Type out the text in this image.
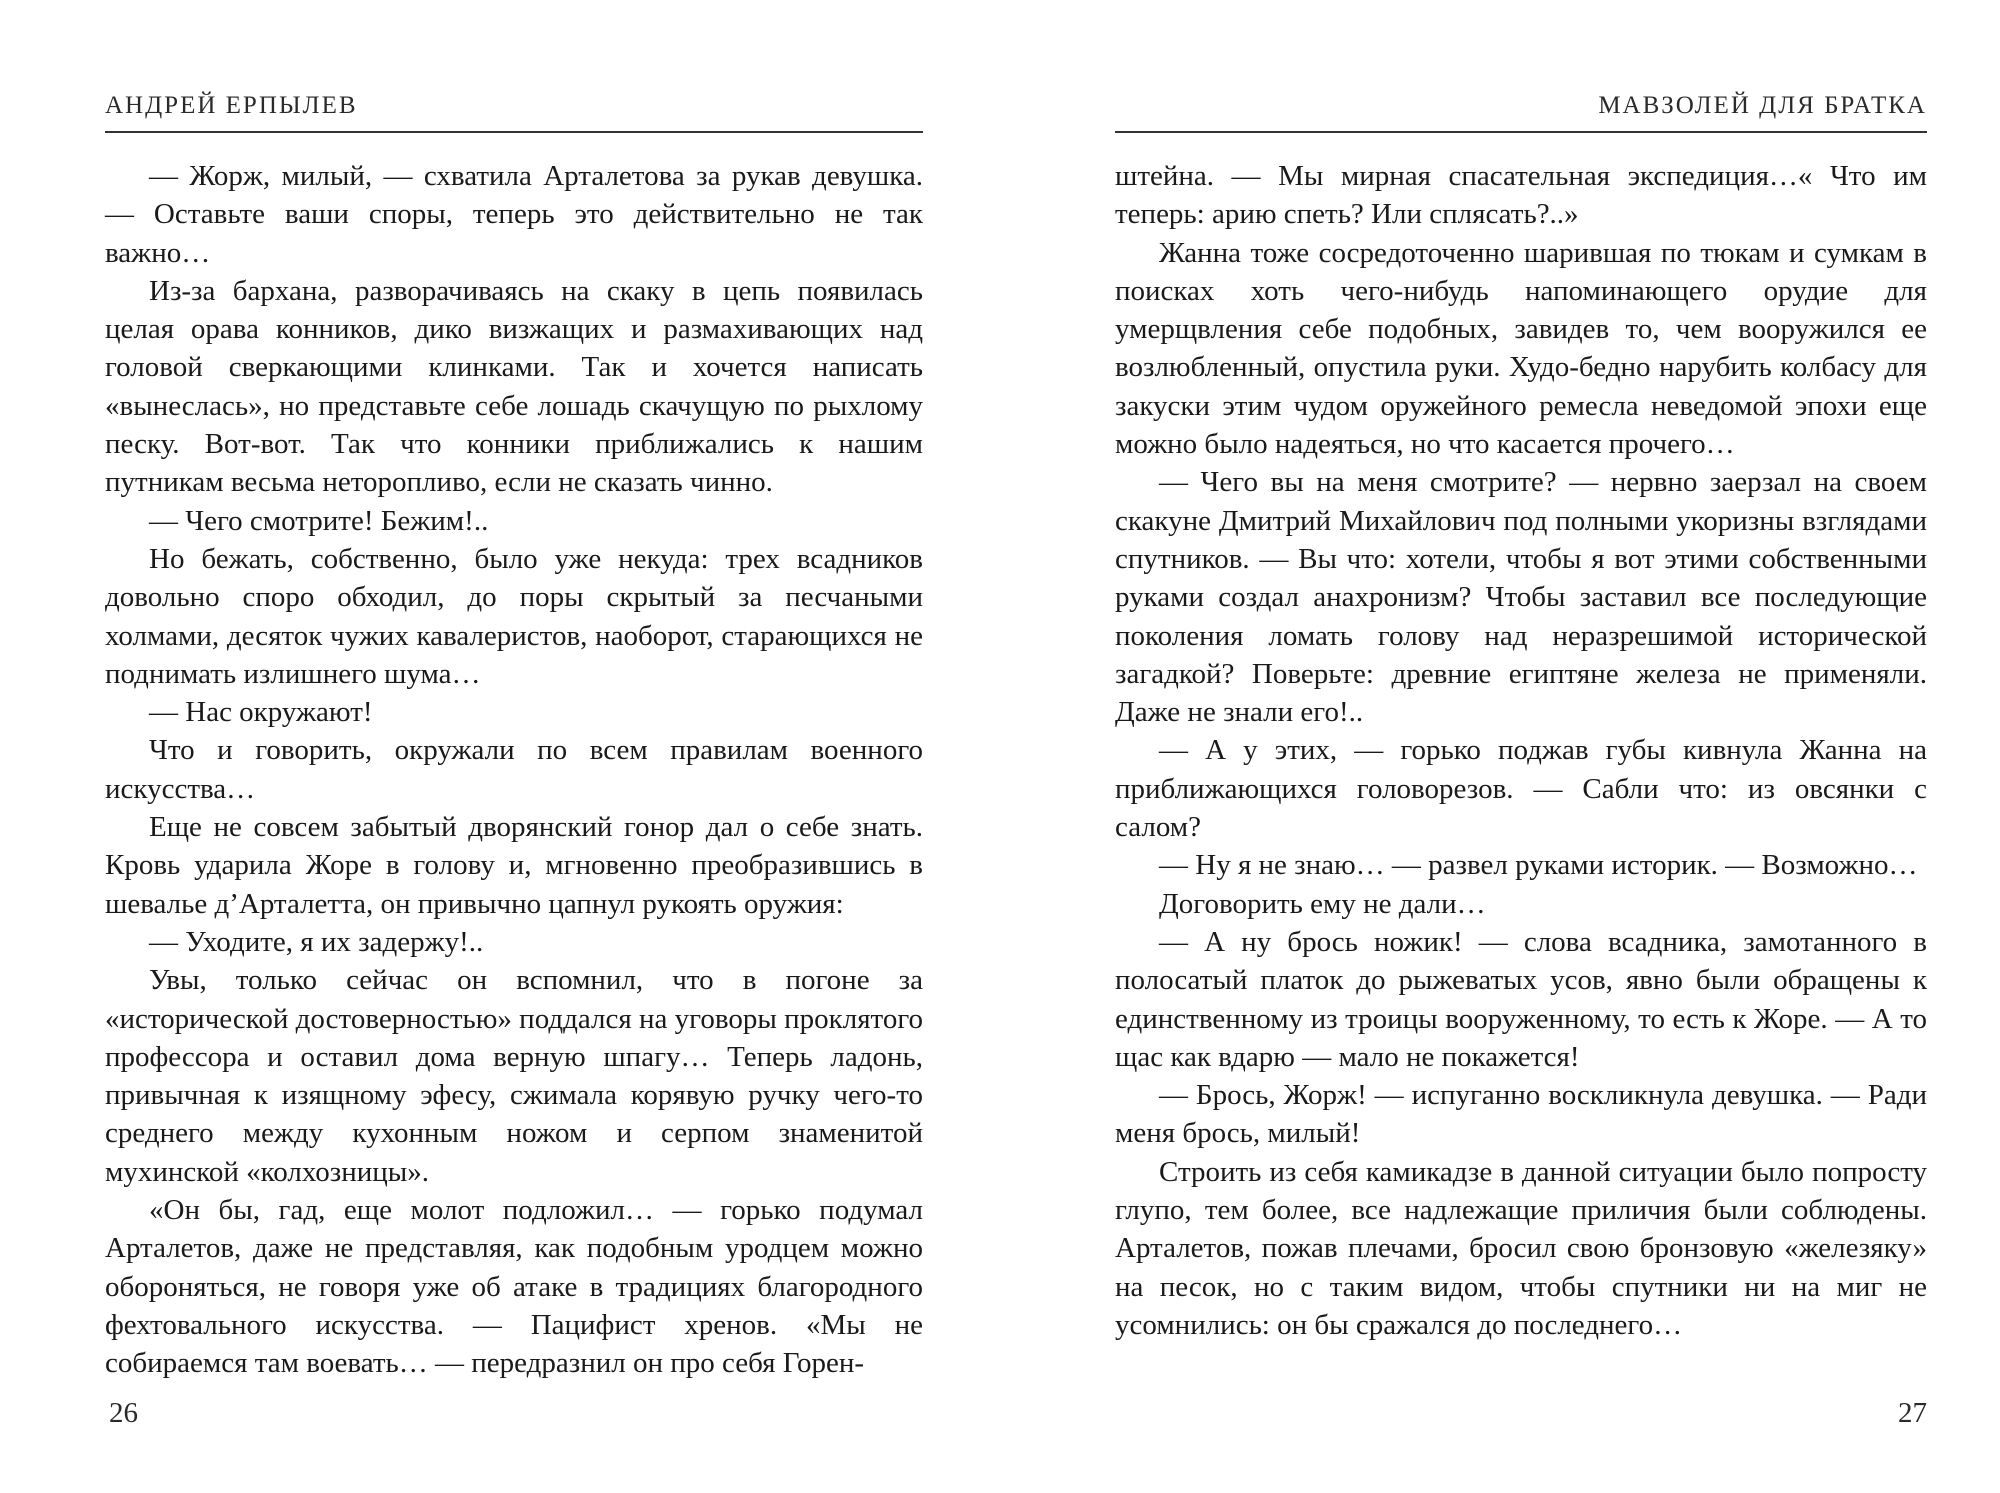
АНДРЕЙ ЕРПЫЛЕВ

— Жорж, милый, — схватила Арталетова за рукав девушка. — Оставьте ваши споры, теперь это действительно не так важно…

Из-за бархана, разворачиваясь на скаку в цепь появилась целая орава конников, дико визжащих и размахивающих над головой сверкающими клинками. Так и хочется написать «вынеслась», но представьте себе лошадь скачущую по рыхлому песку. Вот-вот. Так что конники приближались к нашим путникам весьма неторопливо, если не сказать чинно.

— Чего смотрите! Бежим!..

Но бежать, собственно, было уже некуда: трех всадников довольно споро обходил, до поры скрытый за песчаными холмами, десяток чужих кавалеристов, наоборот, старающихся не поднимать излишнего шума…

— Нас окружают!

Что и говорить, окружали по всем правилам военного искусства…

Еще не совсем забытый дворянский гонор дал о себе знать. Кровь ударила Жоре в голову и, мгновенно преобразившись в шевалье д’Арталетта, он привычно цапнул рукоять оружия:

— Уходите, я их задержу!..

Увы, только сейчас он вспомнил, что в погоне за «исторической достоверностью» поддался на уговоры проклятого профессора и оставил дома верную шпагу… Теперь ладонь, привычная к изящному эфесу, сжимала корявую ручку чего-то среднего между кухонным ножом и серпом знаменитой мухинской «колхозницы».

«Он бы, гад, еще молот подложил… — горько подумал Арталетов, даже не представляя, как подобным уродцем можно обороняться, не говоря уже об атаке в традициях благородного фехтовального искусства. — Пацифист хренов. «Мы не собираемся там воевать… — передразнил он про себя Горен-

26
МАВЗОЛЕЙ ДЛЯ БРАТКА

штейна. — Мы мирная спасательная экспедиция…« Что им теперь: арию спеть? Или сплясать?..»

Жанна тоже сосредоточенно шарившая по тюкам и сумкам в поисках хоть чего-нибудь напоминающего орудие для умерщвления себе подобных, завидев то, чем вооружился ее возлюбленный, опустила руки. Худо-бедно нарубить колбасу для закуски этим чудом оружейного ремесла неведомой эпохи еще можно было надеяться, но что касается прочего…

— Чего вы на меня смотрите? — нервно заерзал на своем скакуне Дмитрий Михайлович под полными укоризны взглядами спутников. — Вы что: хотели, чтобы я вот этими собственными руками создал анахронизм? Чтобы заставил все последующие поколения ломать голову над неразрешимой исторической загадкой? Поверьте: древние египтяне железа не применяли. Даже не знали его!..

— А у этих, — горько поджав губы кивнула Жанна на приближающихся головорезов. — Сабли что: из овсянки с салом?

— Ну я не знаю… — развел руками историк. — Возможно…

Договорить ему не дали…

— А ну брось ножик! — слова всадника, замотанного в полосатый платок до рыжеватых усов, явно были обращены к единственному из троицы вооруженному, то есть к Жоре. — А то щас как вдарю — мало не покажется!

— Брось, Жорж! — испуганно воскликнула девушка. — Ради меня брось, милый!

Строить из себя камикадзе в данной ситуации было попросту глупо, тем более, все надлежащие приличия были соблюдены. Арталетов, пожав плечами, бросил свою бронзовую «железяку» на песок, но с таким видом, чтобы спутники ни на миг не усомнились: он бы сражался до последнего…

27
